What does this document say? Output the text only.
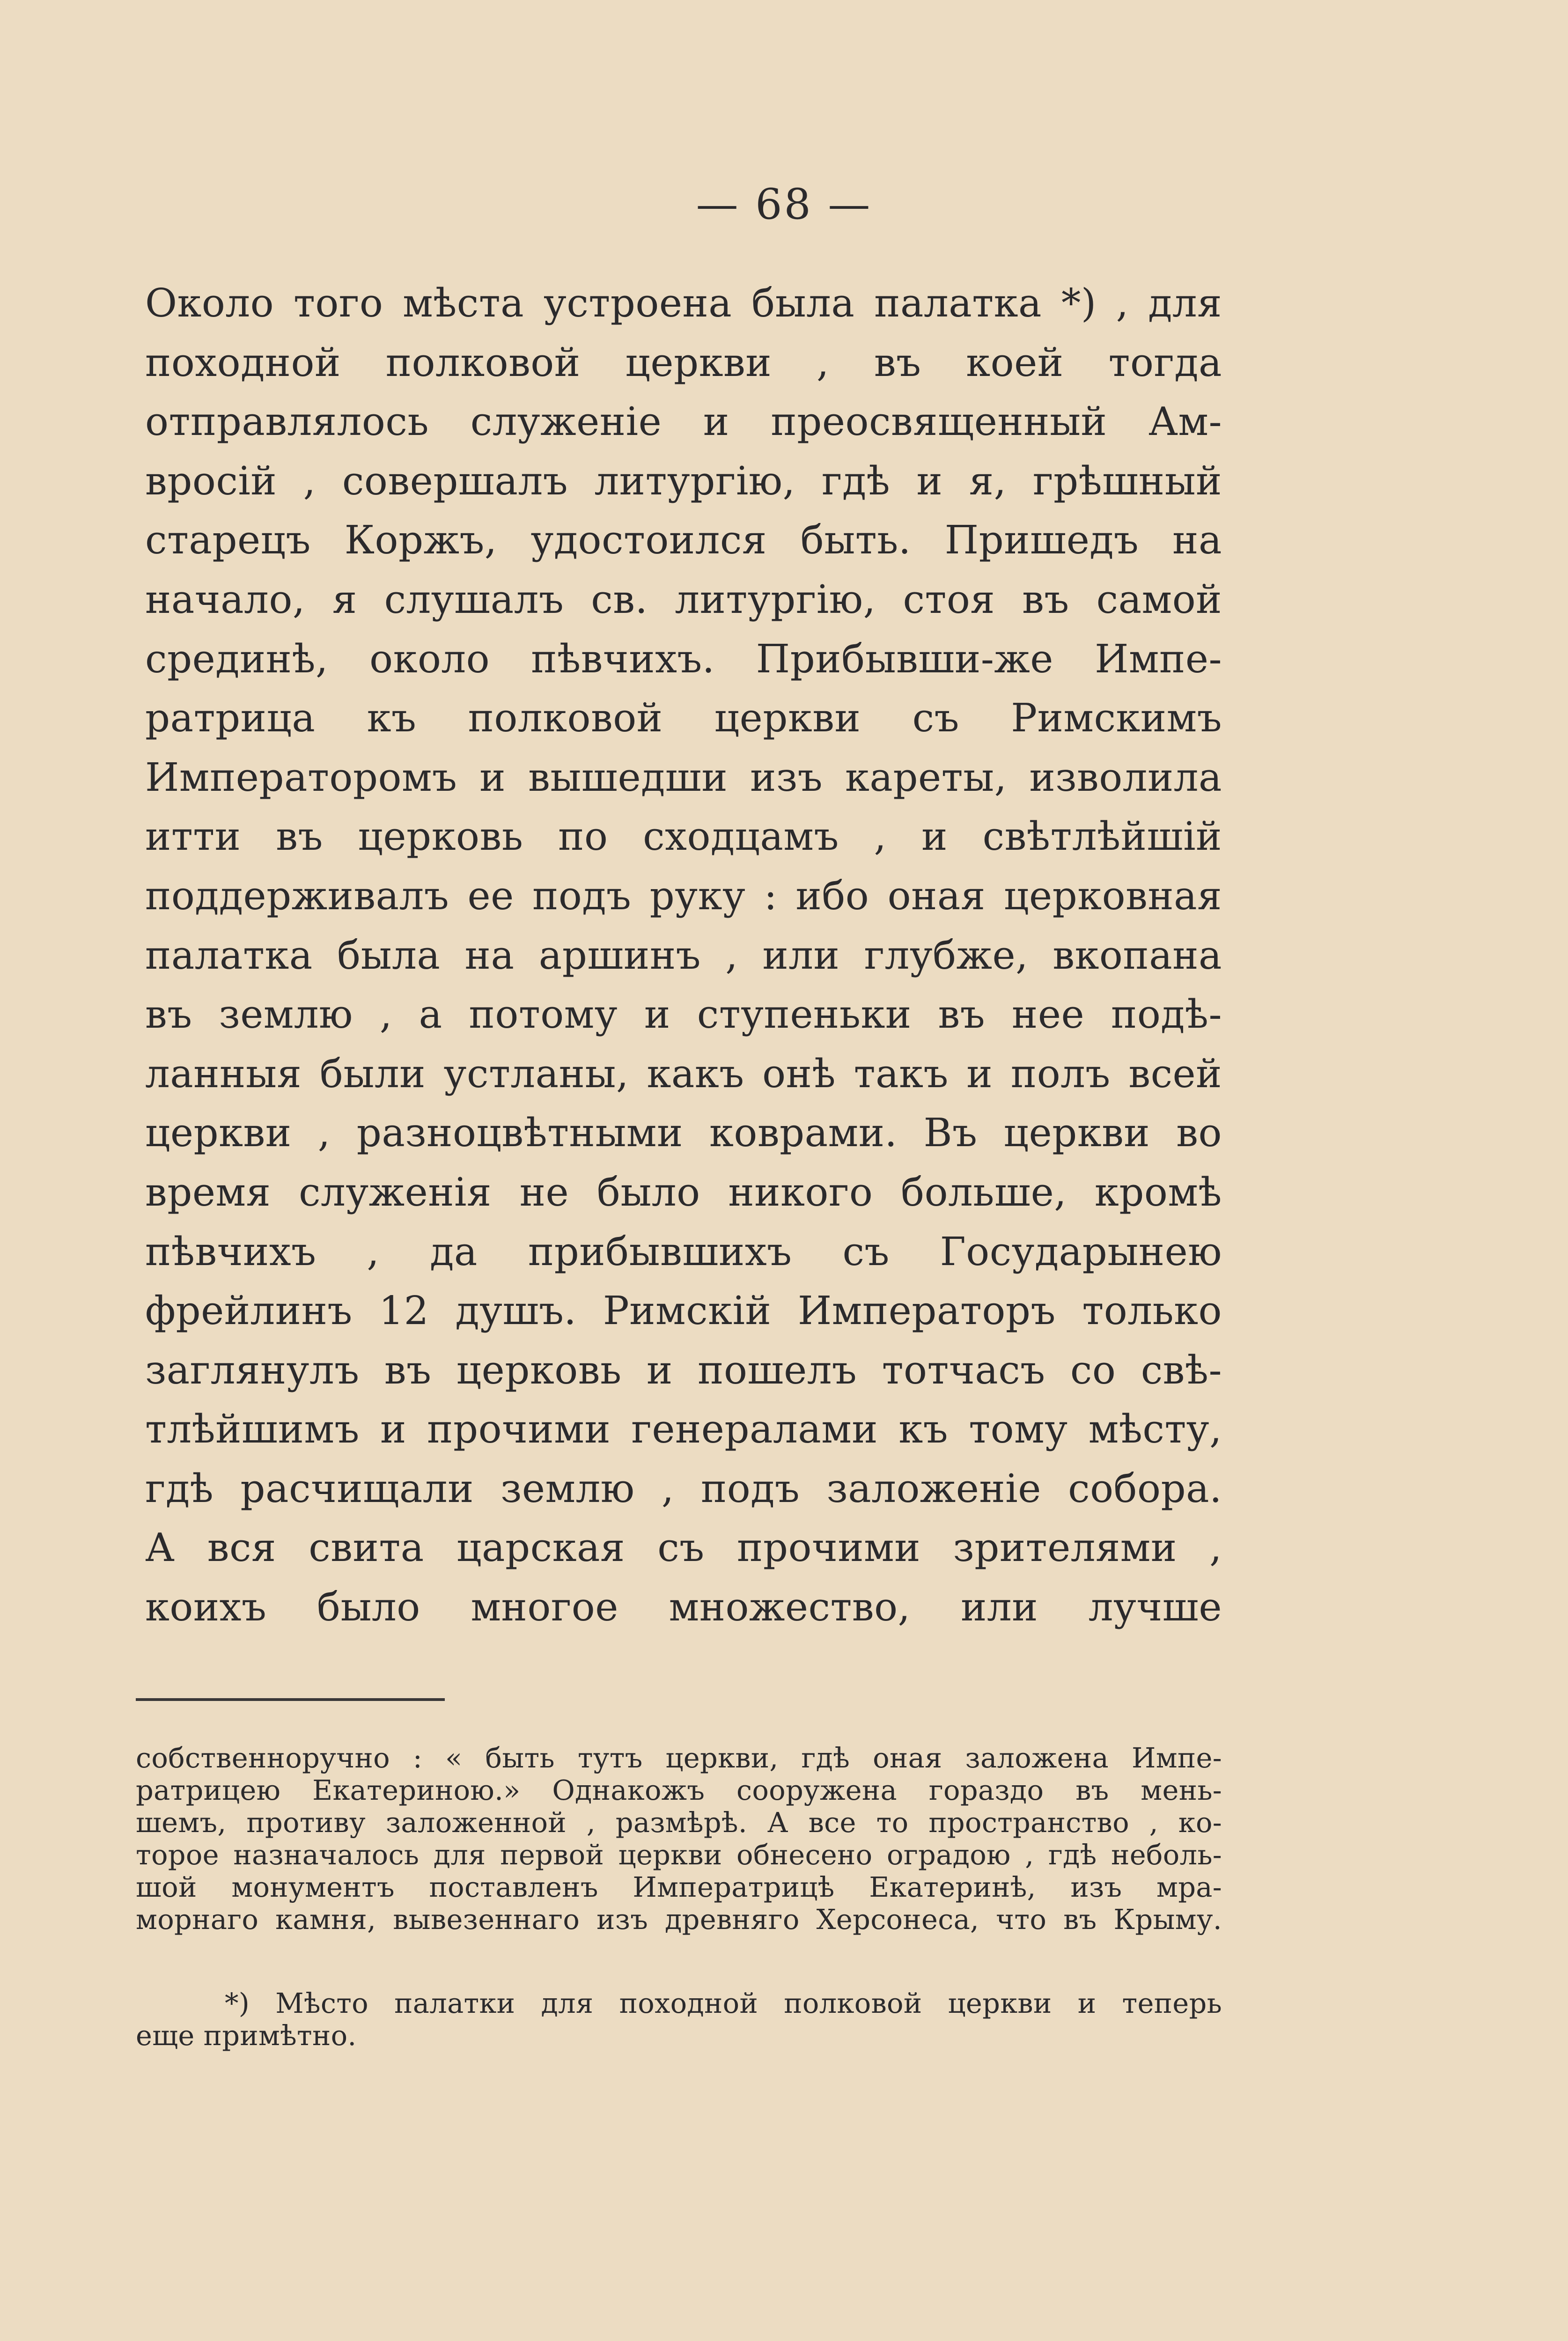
— 68 —
Около того мѣста устроена была палатка *) , для
походной полковой церкви , въ коей тогда
отправлялось служеніе и преосвященный Ам-
вросій , совершалъ литургію, гдѣ и я, грѣшный
старецъ Коржъ, удостоился быть. Пришедъ на
начало, я слушалъ св. литургію, стоя въ самой
срединѣ, около пѣвчихъ. Прибывши-же Импе-
ратрица къ полковой церкви съ Римскимъ
Императоромъ и вышедши изъ кареты, изволила
итти въ церковь по сходцамъ , и свѣтлѣйшій
поддерживалъ ее подъ руку : ибо оная церковная
палатка была на аршинъ , или глубже, вкопана
въ землю , а потому и ступеньки въ нее подѣ-
ланныя были устланы, какъ онѣ такъ и полъ всей
церкви , разноцвѣтными коврами. Въ церкви во
время служенія не было никого больше, кромѣ
пѣвчихъ , да прибывшихъ съ Государынею
фрейлинъ 12 душъ. Римскій Императоръ только
заглянулъ въ церковь и пошелъ тотчасъ со свѣ-
тлѣйшимъ и прочими генералами къ тому мѣсту,
гдѣ расчищали землю , подъ заложеніе собора.
А вся свита царская съ прочими зрителями ,
коихъ было многое множество, или лучше
собственноручно : « быть тутъ церкви, гдѣ оная заложена Импе-
ратрицею Екатериною.» Однакожъ сооружена гораздо въ мень-
шемъ, противу заложенной , размѣрѣ. А все то пространство , ко-
торое назначалось для первой церкви обнесено оградою , гдѣ неболь-
шой монументъ поставленъ Императрицѣ Екатеринѣ, изъ мра-
морнаго камня, вывезеннаго изъ древняго Херсонеса, что въ Крыму.
*) Мѣсто палатки для походной полковой церкви и теперь
еще примѣтно.
